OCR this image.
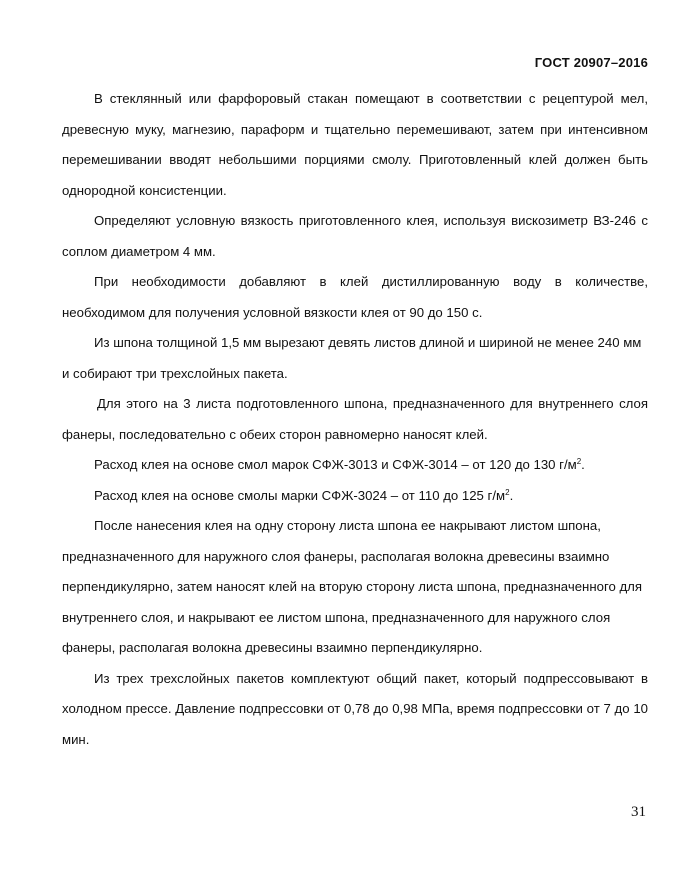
ГОСТ 20907–2016

В стеклянный или фарфоровый стакан помещают в соответствии с рецептурой мел, древесную муку, магнезию, параформ и тщательно перемешивают, затем при интенсивном перемешивании вводят небольшими порциями смолу. Приготовленный клей должен быть однородной консистенции.

Определяют условную вязкость приготовленного клея, используя вискозиметр ВЗ-246 с соплом диаметром 4 мм.

При необходимости добавляют в клей дистиллированную воду в количестве, необходимом для получения условной вязкости клея от 90 до 150 с.

Из шпона толщиной 1,5 мм вырезают девять листов длиной и шириной не менее 240 мм и собирают три трехслойных пакета.

Для этого на 3 листа подготовленного шпона, предназначенного для внутреннего слоя фанеры, последовательно с обеих сторон равномерно наносят клей.

Расход клея на основе смол марок СФЖ-3013 и СФЖ-3014 – от 120 до 130 $г/м^2$.

Расход клея на основе смолы марки СФЖ-3024 – от 110 до 125 $г/м^2$.

После нанесения клея на одну сторону листа шпона ее накрывают листом шпона, предназначенного для наружного слоя фанеры, располагая волокна древесины взаимно перпендикулярно, затем наносят клей на вторую сторону листа шпона, предназначенного для внутреннего слоя, и накрывают ее листом шпона, предназначенного для наружного слоя фанеры, располагая волокна древесины взаимно перпендикулярно.

Из трех трехслойных пакетов комплектуют общий пакет, который подпрессовывают в холодном прессе. Давление подпрессовки от 0,78 до 0,98 МПа, время подпрессовки от 7 до 10 мин.

31
